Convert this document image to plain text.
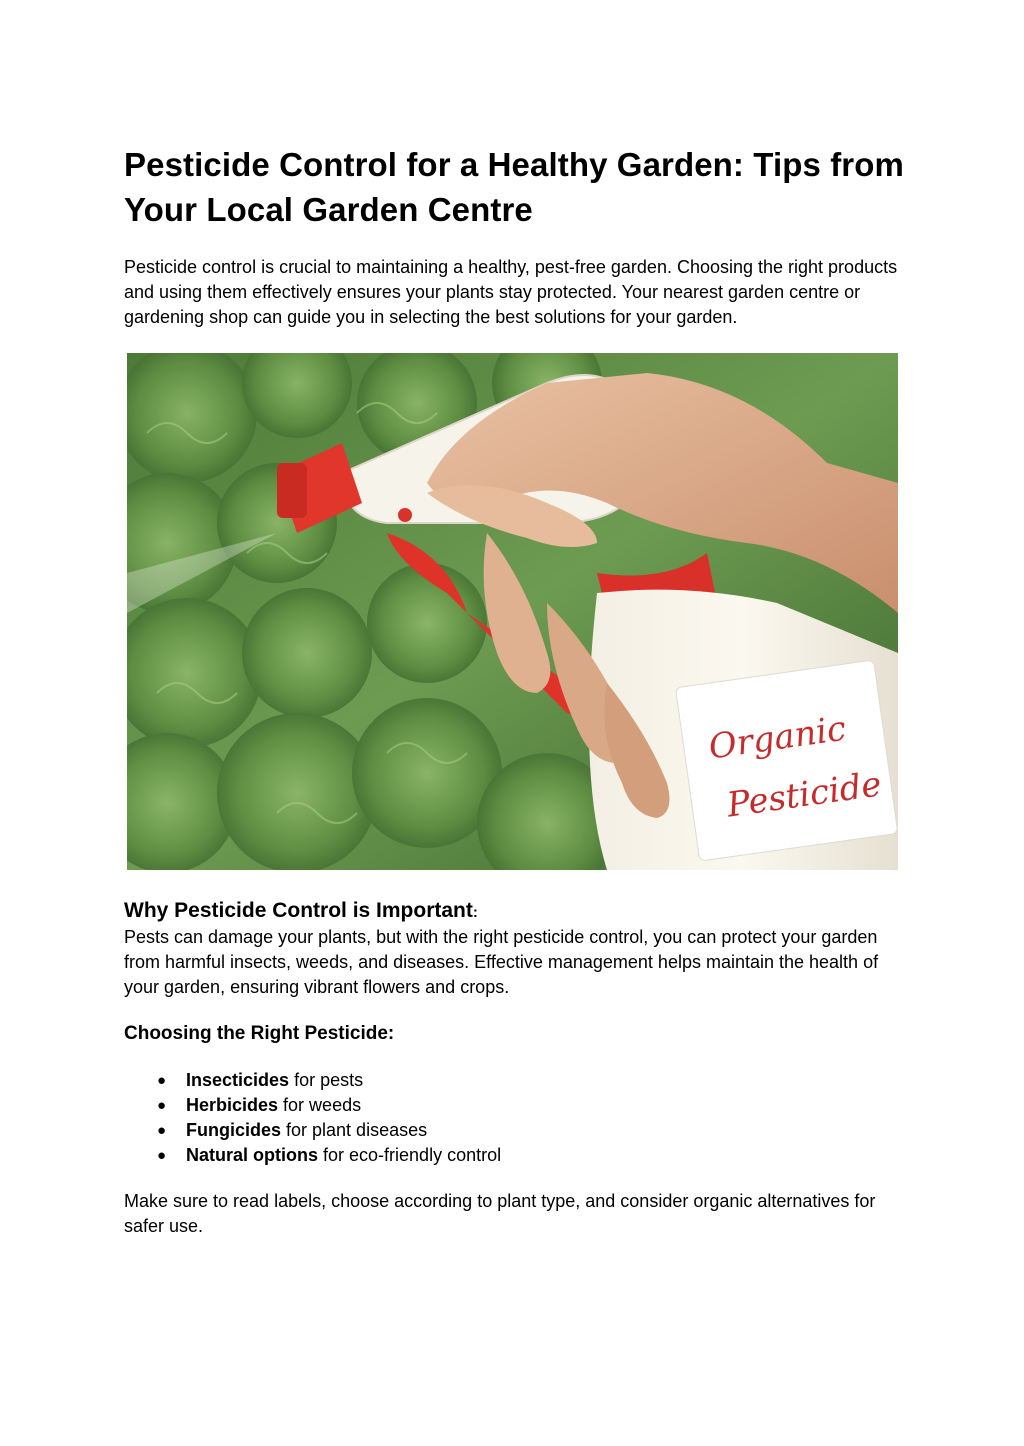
Pesticide Control for a Healthy Garden: Tips from Your Local Garden Centre

Pesticide control is crucial to maintaining a healthy, pest-free garden. Choosing the right products and using them effectively ensures your plants stay protected. Your nearest garden centre or gardening shop can guide you in selecting the best solutions for your garden.

Organic
Pesticide
Why Pesticide Control is Important:

Pests can damage your plants, but with the right pesticide control, you can protect your garden from harmful insects, weeds, and diseases. Effective management helps maintain the health of your garden, ensuring vibrant flowers and crops.

Choosing the Right Pesticide:
● Insecticides for pests
● Herbicides for weeds
● Fungicides for plant diseases
● Natural options for eco-friendly control

Make sure to read labels, choose according to plant type, and consider organic alternatives for safer use.
